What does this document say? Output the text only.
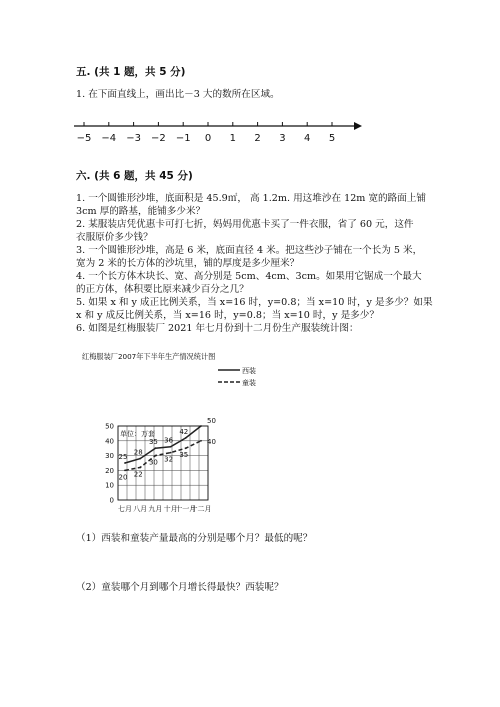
五. (共 1 题，共 5 分)
1. 在下面直线上，画出比－3 大的数所在区域。
−5 −4 −3 −2 −1 0 1 2 3 4 5
六. (共 6 题，共 45 分)
1. 一个圆锥形沙堆，底面积是 45.9㎡， 高 1.2m. 用这堆沙在 12m 宽的路面上铺
3cm 厚的路基，能铺多少米？
2. 某服装店凭优惠卡可打七折，妈妈用优惠卡买了一件衣服，省了 60 元，这件
衣服原价多少钱？
3. 一个圆锥形沙堆，高是 6 米，底面直径 4 米。把这些沙子铺在一个长为 5 米，
宽为 2 米的长方体的沙坑里，铺的厚度是多少厘米？
4. 一个长方体木块长、宽、高分别是 5cm、4cm、3cm。如果用它锯成一个最大
的正方体，体积要比原来减少百分之几？
5. 如果 x 和 y 成正比例关系，当 x=16 时，y=0.8；当 x=10 时，y 是多少？如果
x 和 y 成反比例关系，当 x=16 时，y=0.8；当 x=10 时，y 是多少？
6. 如图是红梅服装厂 2021 年七月份到十二月份生产服装统计图：
红梅服装厂2007年下半年生产情况统计图
西装
童装
单位：万套
0
10
20
30
40
50
七月 八月 九月 十月
十一月
十二月
25
28
35 36
42
50
20 22
30 32
35
40
（1）西装和童装产量最高的分别是哪个月？最低的呢？
（2）童装哪个月到哪个月增长得最快？西装呢？
